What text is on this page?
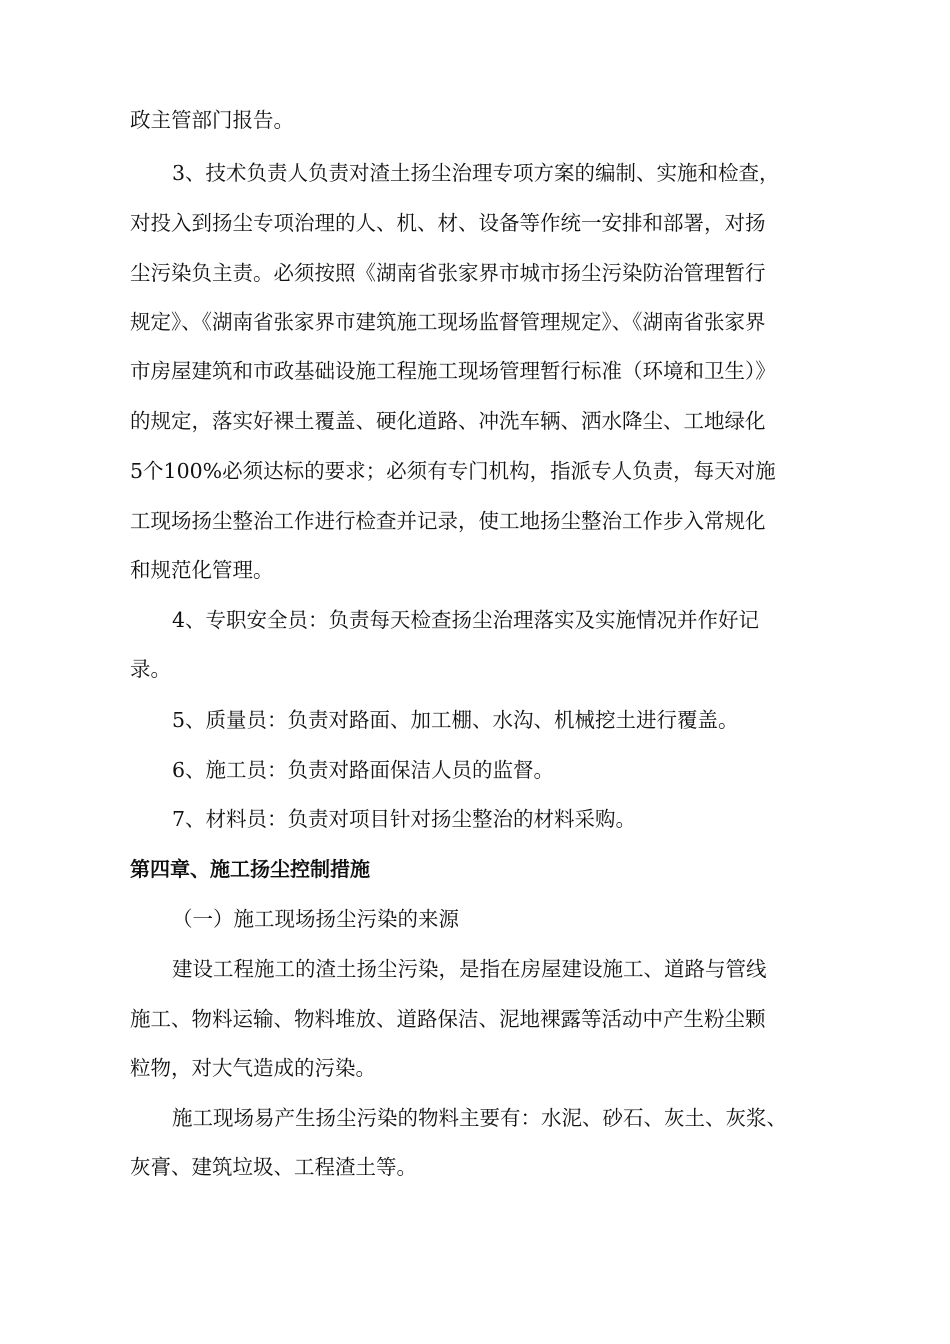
政主管部门报告。
3、技术负责人负责对渣土扬尘治理专项方案的编制、实施和检查，
对投入到扬尘专项治理的人、机、材、设备等作统一安排和部署，对扬
尘污染负主责。必须按照《湖南省张家界市城市扬尘污染防治管理暂行
规定》、《湖南省张家界市建筑施工现场监督管理规定》、《湖南省张家界
市房屋建筑和市政基础设施工程施工现场管理暂行标准（环境和卫生）》
的规定，落实好裸土覆盖、硬化道路、冲洗车辆、洒水降尘、工地绿化
5个100%必须达标的要求；必须有专门机构，指派专人负责，每天对施
工现场扬尘整治工作进行检查并记录，使工地扬尘整治工作步入常规化
和规范化管理。
4、专职安全员：负责每天检查扬尘治理落实及实施情况并作好记
录。
5、质量员：负责对路面、加工棚、水沟、机械挖土进行覆盖。
6、施工员：负责对路面保洁人员的监督。
7、材料员：负责对项目针对扬尘整治的材料采购。
第四章、施工扬尘控制措施
（一）施工现场扬尘污染的来源
建设工程施工的渣土扬尘污染，是指在房屋建设施工、道路与管线
施工、物料运输、物料堆放、道路保洁、泥地裸露等活动中产生粉尘颗
粒物，对大气造成的污染。
施工现场易产生扬尘污染的物料主要有：水泥、砂石、灰土、灰浆、
灰膏、建筑垃圾、工程渣土等。
